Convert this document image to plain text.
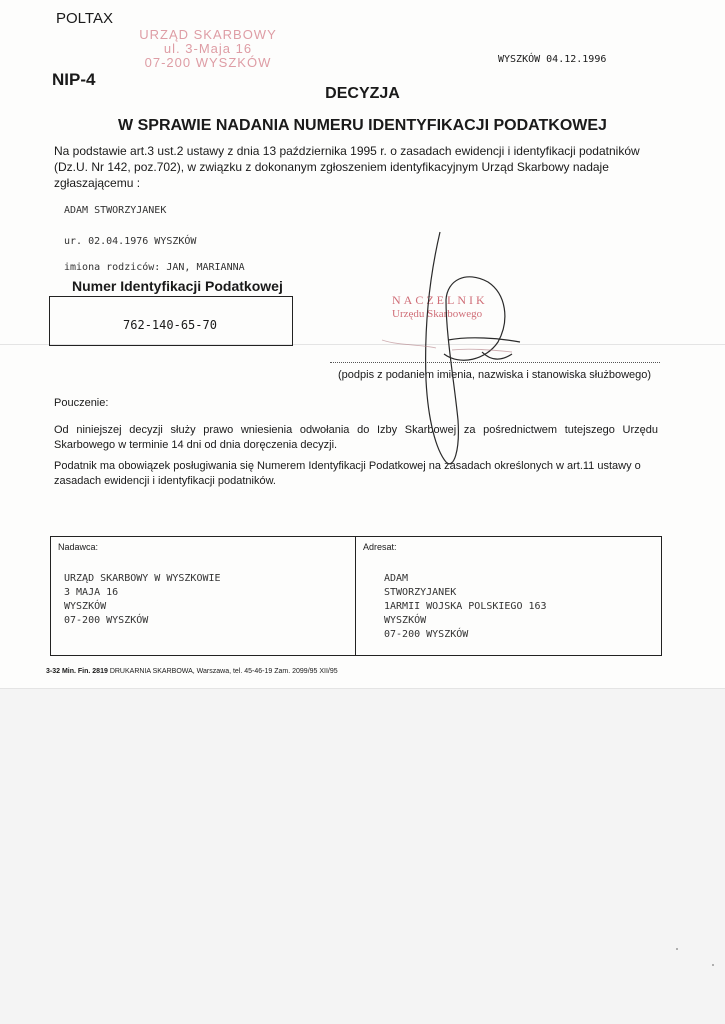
URZĄD SKARBOWY
ul. 3-Maja 16
07-200 WYSZKÓW
POLTAX
NIP-4
WYSZKÓW 04.12.1996
DECYZJA
W SPRAWIE NADANIA NUMERU IDENTYFIKACJI PODATKOWEJ
Na podstawie art.3 ust.2 ustawy z dnia 13 października 1995 r. o zasadach ewidencji i identyfikacji podatników (Dz.U. Nr 142, poz.702), w związku z dokonanym zgłoszeniem identyfikacyjnym Urząd Skarbowy nadaje zgłaszającemu :
ADAM STWORZYJANEK
ur. 02.04.1976 WYSZKÓW
imiona rodziców: JAN, MARIANNA
Numer Identyfikacji Podatkowej
762-140-65-70
NACZELNIK
Urzędu Skarbowego
(podpis z podaniem imienia, nazwiska i stanowiska służbowego)
Pouczenie:
Od niniejszej decyzji służy prawo wniesienia odwołania do Izby Skarbowej za pośrednictwem tutejszego Urzędu Skarbowego w terminie 14 dni od dnia doręczenia decyzji.
Podatnik ma obowiązek posługiwania się Numerem Identyfikacji Podatkowej na zasadach określonych w art.11 ustawy o zasadach ewidencji i identyfikacji podatników.
Nadawca:	Adresat:
URZĄD SKARBOWY W WYSZKOWIE
3 MAJA 16
WYSZKÓW
07-200 WYSZKÓW
ADAM
STWORZYJANEK
1ARMII WOJSKA POLSKIEGO 163
WYSZKÓW
07-200 WYSZKÓW
3-32 Min. Fin. 2819 DRUKARNIA SKARBOWA, Warszawa, tel. 45-46-19 Zam. 2099/95 XII/95
